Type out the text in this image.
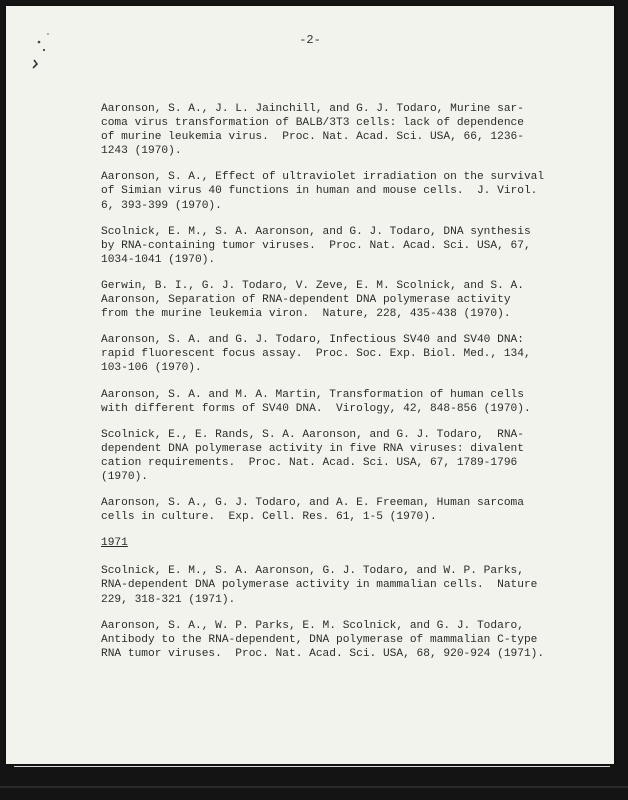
-2-
Aaronson, S. A., J. L. Jainchill, and G. J. Todaro, Murine sar-
coma virus transformation of BALB/3T3 cells: lack of dependence
of murine leukemia virus.  Proc. Nat. Acad. Sci. USA, 66, 1236-
1243 (1970).
Aaronson, S. A., Effect of ultraviolet irradiation on the survival
of Simian virus 40 functions in human and mouse cells.  J. Virol.
6, 393-399 (1970).
Scolnick, E. M., S. A. Aaronson, and G. J. Todaro, DNA synthesis
by RNA-containing tumor viruses.  Proc. Nat. Acad. Sci. USA, 67,
1034-1041 (1970).
Gerwin, B. I., G. J. Todaro, V. Zeve, E. M. Scolnick, and S. A.
Aaronson, Separation of RNA-dependent DNA polymerase activity
from the murine leukemia viron.  Nature, 228, 435-438 (1970).
Aaronson, S. A. and G. J. Todaro, Infectious SV40 and SV40 DNA:
rapid fluorescent focus assay.  Proc. Soc. Exp. Biol. Med., 134,
103-106 (1970).
Aaronson, S. A. and M. A. Martin, Transformation of human cells
with different forms of SV40 DNA.  Virology, 42, 848-856 (1970).
Scolnick, E., E. Rands, S. A. Aaronson, and G. J. Todaro,  RNA-
dependent DNA polymerase activity in five RNA viruses: divalent
cation requirements.  Proc. Nat. Acad. Sci. USA, 67, 1789-1796
(1970).
Aaronson, S. A., G. J. Todaro, and A. E. Freeman, Human sarcoma
cells in culture.  Exp. Cell. Res. 61, 1-5 (1970).
1971
Scolnick, E. M., S. A. Aaronson, G. J. Todaro, and W. P. Parks,
RNA-dependent DNA polymerase activity in mammalian cells.  Nature
229, 318-321 (1971).
Aaronson, S. A., W. P. Parks, E. M. Scolnick, and G. J. Todaro,
Antibody to the RNA-dependent, DNA polymerase of mammalian C-type
RNA tumor viruses.  Proc. Nat. Acad. Sci. USA, 68, 920-924 (1971).
